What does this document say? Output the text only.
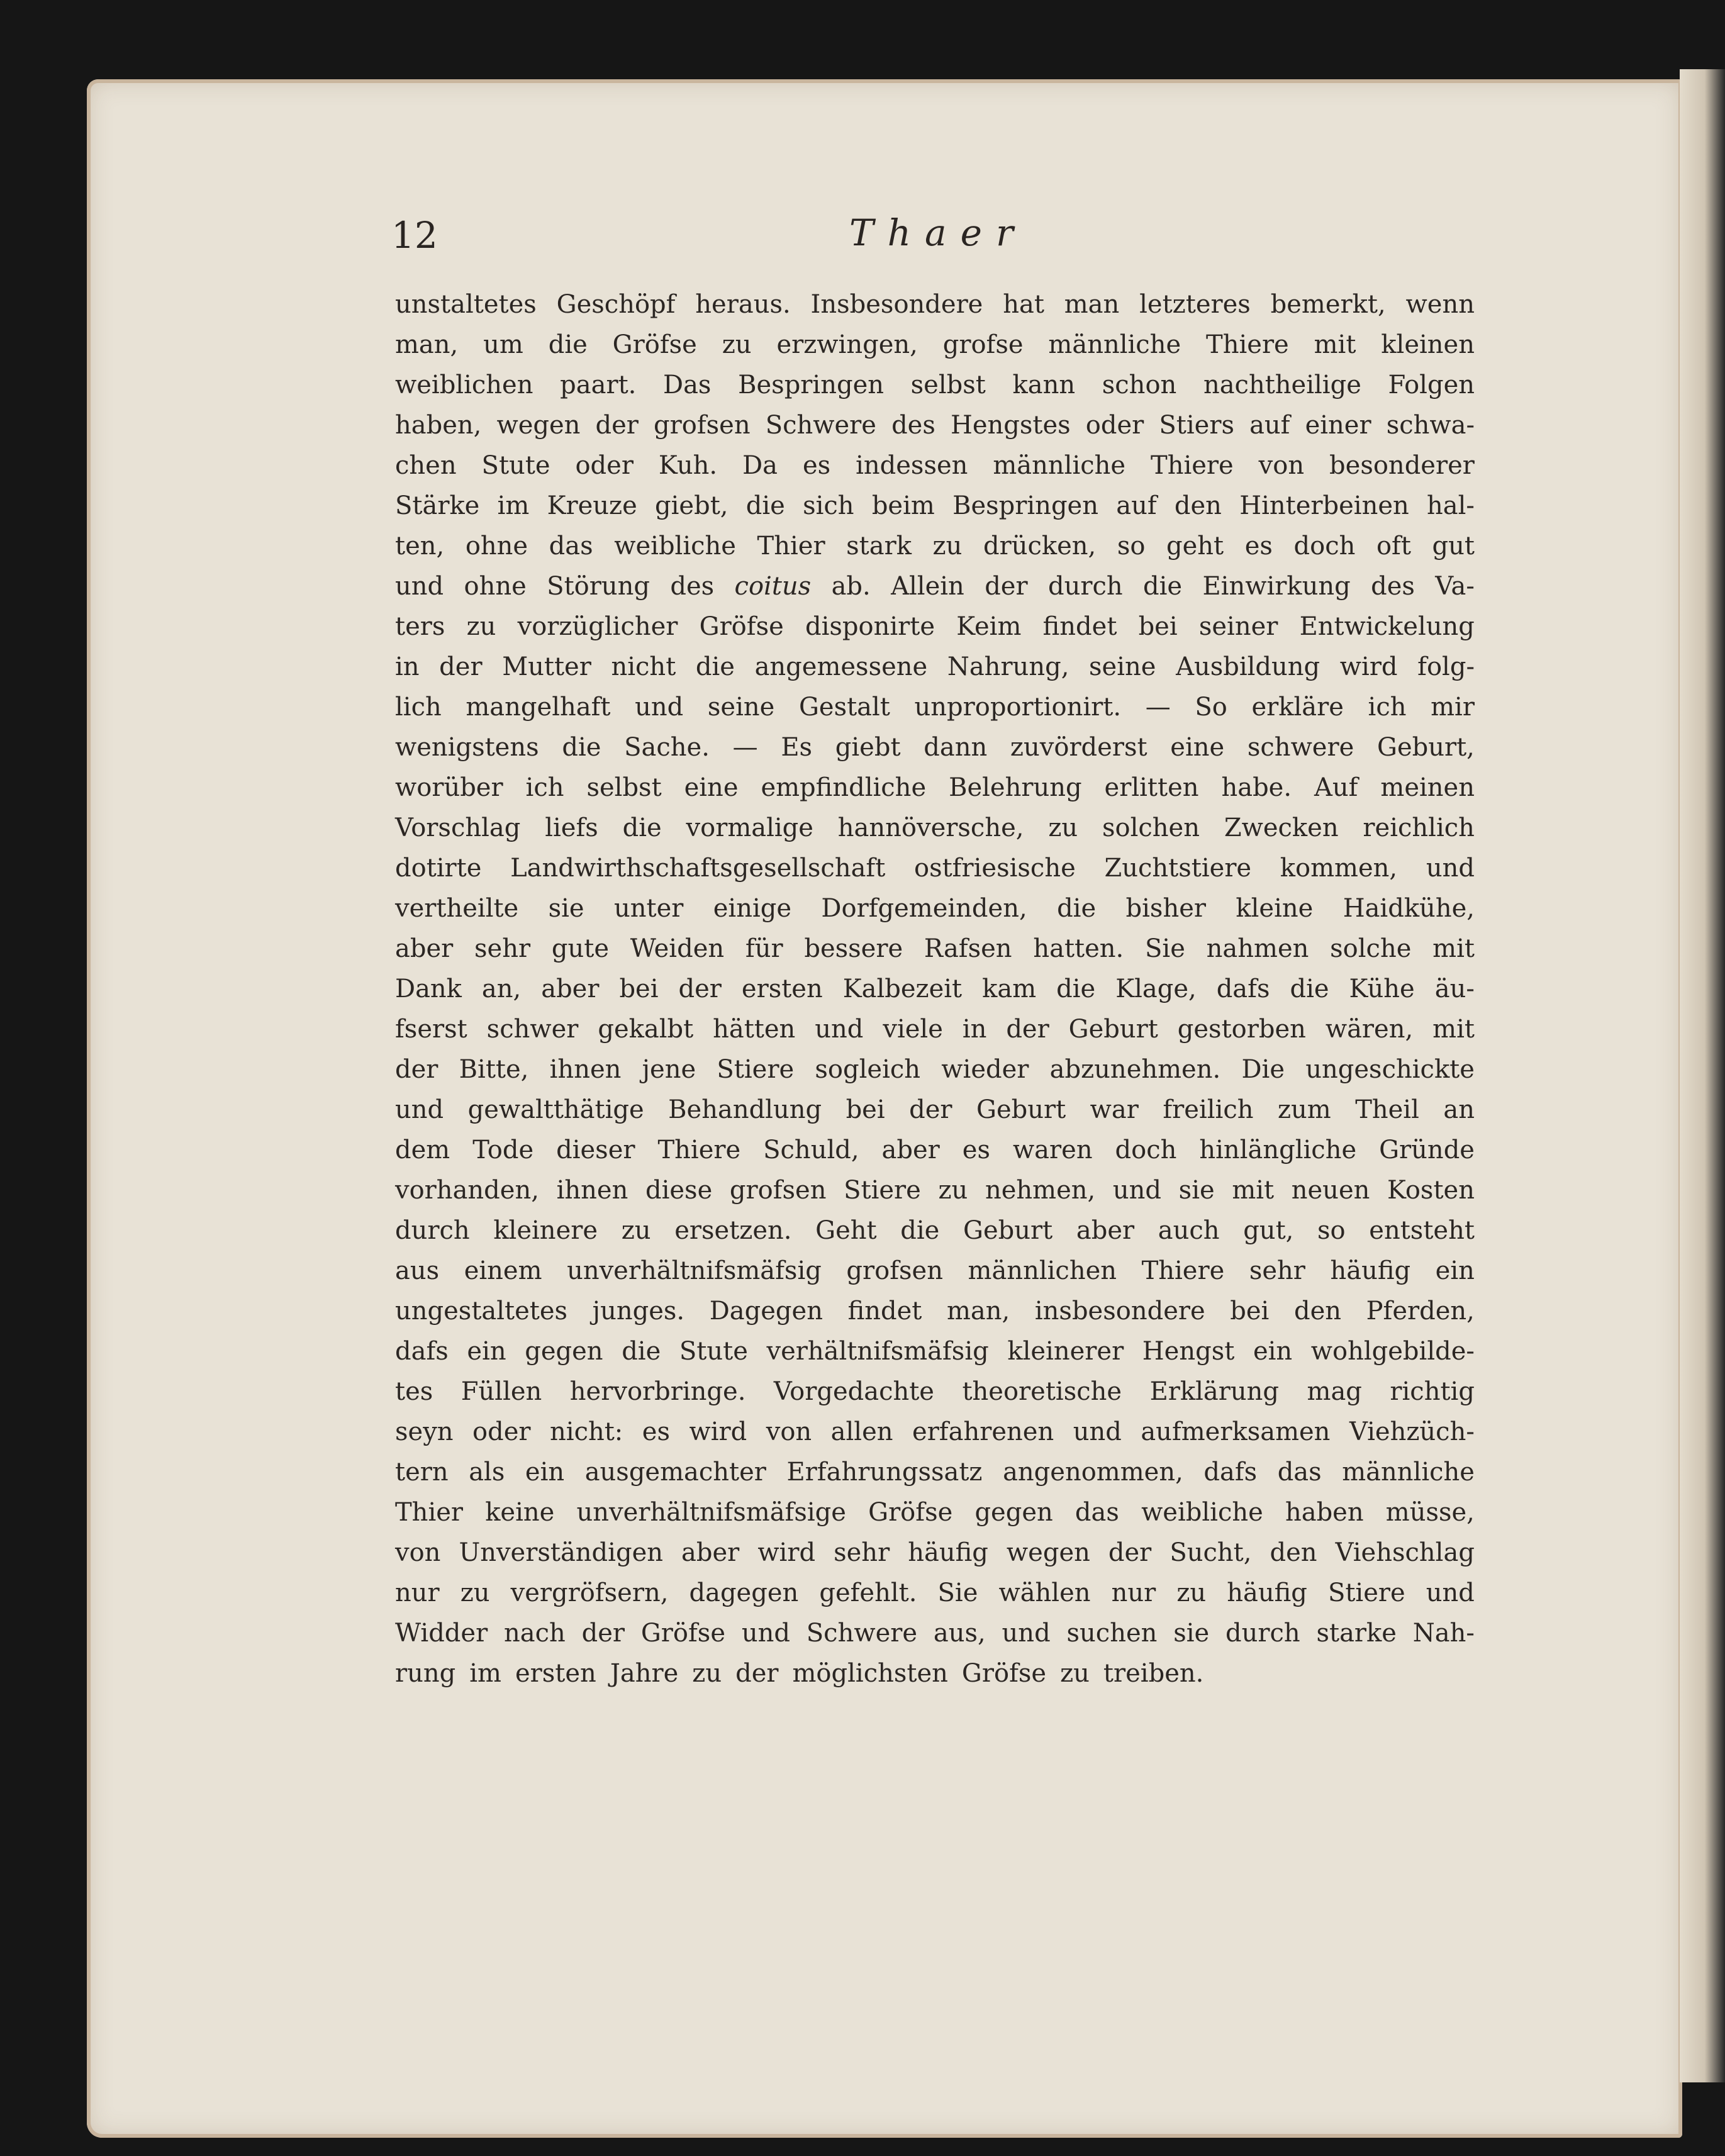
12	Thaer
unstaltetes Geschöpf heraus. Insbesondere hat man letzteres bemerkt, wenn
man, um die Gröfse zu erzwingen, grofse männliche Thiere mit kleinen
weiblichen paart. Das Bespringen selbst kann schon nachtheilige Folgen
haben, wegen der grofsen Schwere des Hengstes oder Stiers auf einer schwa-
chen Stute oder Kuh. Da es indessen männliche Thiere von besonderer
Stärke im Kreuze giebt, die sich beim Bespringen auf den Hinterbeinen hal-
ten, ohne das weibliche Thier stark zu drücken, so geht es doch oft gut
und ohne Störung des coitus ab. Allein der durch die Einwirkung des Va-
ters zu vorzüglicher Gröfse disponirte Keim findet bei seiner Entwickelung
in der Mutter nicht die angemessene Nahrung, seine Ausbildung wird folg-
lich mangelhaft und seine Gestalt unproportionirt. — So erkläre ich mir
wenigstens die Sache. — Es giebt dann zuvörderst eine schwere Geburt,
worüber ich selbst eine empfindliche Belehrung erlitten habe. Auf meinen
Vorschlag liefs die vormalige hannöversche, zu solchen Zwecken reichlich
dotirte Landwirthschaftsgesellschaft ostfriesische Zuchtstiere kommen, und
vertheilte sie unter einige Dorfgemeinden, die bisher kleine Haidkühe,
aber sehr gute Weiden für bessere Rafsen hatten. Sie nahmen solche mit
Dank an, aber bei der ersten Kalbezeit kam die Klage, dafs die Kühe äu-
fserst schwer gekalbt hätten und viele in der Geburt gestorben wären, mit
der Bitte, ihnen jene Stiere sogleich wieder abzunehmen. Die ungeschickte
und gewaltthätige Behandlung bei der Geburt war freilich zum Theil an
dem Tode dieser Thiere Schuld, aber es waren doch hinlängliche Gründe
vorhanden, ihnen diese grofsen Stiere zu nehmen, und sie mit neuen Kosten
durch kleinere zu ersetzen. Geht die Geburt aber auch gut, so entsteht
aus einem unverhältnifsmäfsig grofsen männlichen Thiere sehr häufig ein
ungestaltetes junges. Dagegen findet man, insbesondere bei den Pferden,
dafs ein gegen die Stute verhältnifsmäfsig kleinerer Hengst ein wohlgebilde-
tes Füllen hervorbringe. Vorgedachte theoretische Erklärung mag richtig
seyn oder nicht: es wird von allen erfahrenen und aufmerksamen Viehzüch-
tern als ein ausgemachter Erfahrungssatz angenommen, dafs das männliche
Thier keine unverhältnifsmäfsige Gröfse gegen das weibliche haben müsse,
von Unverständigen aber wird sehr häufig wegen der Sucht, den Viehschlag
nur zu vergröfsern, dagegen gefehlt. Sie wählen nur zu häufig Stiere und
Widder nach der Gröfse und Schwere aus, und suchen sie durch starke Nah-
rung im ersten Jahre zu der möglichsten Gröfse zu treiben.
